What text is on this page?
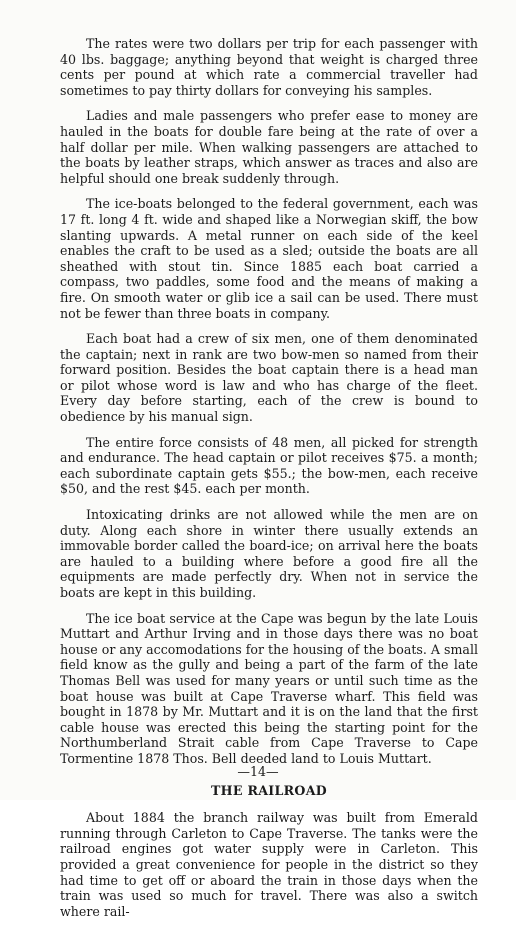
The rates were two dollars per trip for each passenger with 40 lbs. baggage; anything beyond that weight is charged three cents per pound at which rate a commercial traveller had sometimes to pay thirty dollars for conveying his samples.

Ladies and male passengers who prefer ease to money are hauled in the boats for double fare being at the rate of over a half dollar per mile. When walking passengers are attached to the boats by leather straps, which answer as traces and also are helpful should one break suddenly through.

The ice-boats belonged to the federal government, each was 17 ft. long 4 ft. wide and shaped like a Norwegian skiff, the bow slanting upwards. A metal runner on each side of the keel enables the craft to be used as a sled; outside the boats are all sheathed with stout tin. Since 1885 each boat carried a compass, two paddles, some food and the means of making a fire. On smooth water or glib ice a sail can be used. There must not be fewer than three boats in company.

Each boat had a crew of six men, one of them denominated the captain; next in rank are two bow-men so named from their forward position. Besides the boat captain there is a head man or pilot whose word is law and who has charge of the fleet. Every day before starting, each of the crew is bound to obedience by his manual sign.

The entire force consists of 48 men, all picked for strength and endurance. The head captain or pilot receives $75. a month; each subordinate captain gets $55.; the bow-men, each receive $50, and the rest $45. each per month.

Intoxicating drinks are not allowed while the men are on duty. Along each shore in winter there usually extends an immovable border called the board-ice; on arrival here the boats are hauled to a building where before a good fire all the equipments are made perfectly dry. When not in service the boats are kept in this building.

The ice boat service at the Cape was begun by the late Louis Muttart and Arthur Irving and in those days there was no boat house or any accomodations for the housing of the boats. A small field know as the gully and being a part of the farm of the late Thomas Bell was used for many years or until such time as the boat house was built at Cape Traverse wharf. This field was bought in 1878 by Mr. Muttart and it is on the land that the first cable house was erected this being the starting point for the Northumberland Strait cable from Cape Traverse to Cape Tormentine 1878 Thos. Bell deeded land to Louis Muttart.

THE RAILROAD

About 1884 the branch railway was built from Emerald running through Carleton to Cape Traverse. The tanks were the railroad engines got water supply were in Carleton. This provided a great convenience for people in the district so they had time to get off or aboard the train in those days when the train was used so much for travel. There was also a switch where rail-

—14—
